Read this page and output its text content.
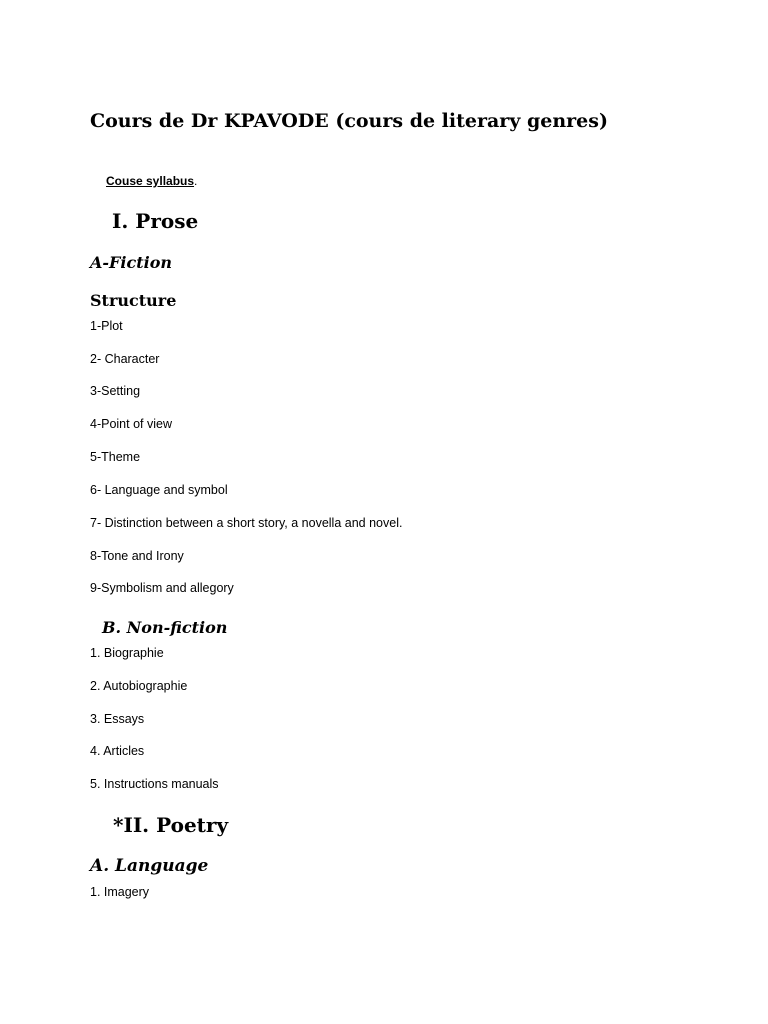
Cours de Dr KPAVODE (cours de literary genres)
Couse syllabus.
I. Prose
A-Fiction
Structure
1-Plot
2- Character
3-Setting
4-Point of view
5-Theme
6- Language and symbol
7- Distinction between a short story, a novella and novel.
8-Tone and Irony
9-Symbolism and allegory
B. Non-fiction
1. Biographie
2. Autobiographie
3. Essays
4. Articles
5. Instructions manuals
*II. Poetry
A. Language
1. Imagery
